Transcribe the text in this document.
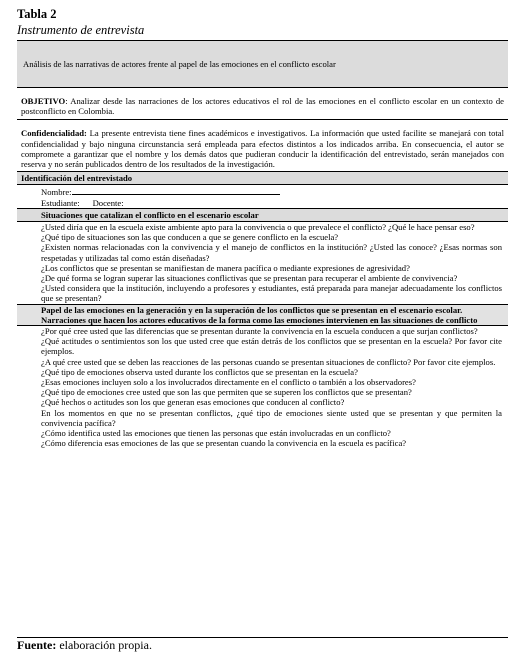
Tabla 2
Instrumento de entrevista
Análisis de las narrativas de actores frente al papel de las emociones en el conflicto escolar
OBJETIVO: Analizar desde las narraciones de los actores educativos el rol de las emociones en el conflicto escolar en un contexto de postconflicto en Colombia.
Confidencialidad: La presente entrevista tiene fines académicos e investigativos. La información que usted facilite se manejará con total confidencialidad y bajo ninguna circunstancia será empleada para efectos distintos a los indicados arriba. En consecuencia, el autor se compromete a garantizar que el nombre y los demás datos que pudieran conducir la identificación del entrevistado, serán manejados con reserva y no serán publicados dentro de los resultados de la investigación.
Identificación del entrevistado
Nombre:
Estudiante: Docente:
Situaciones que catalizan el conflicto en el escenario escolar

¿Usted diría que en la escuela existe ambiente apto para la convivencia o que prevalece el conflicto? ¿Qué le hace pensar eso?

¿Qué tipo de situaciones son las que conducen a que se genere conflicto en la escuela?

¿Existen normas relacionadas con la convivencia y el manejo de conflictos en la institución? ¿Usted las conoce? ¿Esas normas son respetadas y utilizadas tal como están diseñadas?

¿Los conflictos que se presentan se manifiestan de manera pacífica o mediante expresiones de agresividad?

¿De qué forma se logran superar las situaciones conflictivas que se presentan para recuperar el ambiente de convivencia?

¿Usted considera que la institución, incluyendo a profesores y estudiantes, está preparada para manejar adecuadamente los conflictos que se presentan?

Papel de las emociones en la generación y en la superación de los conflictos que se presentan en el escenario escolar.
Narraciones que hacen los actores educativos de la forma como las emociones intervienen en las situaciones de conflicto

¿Por qué cree usted que las diferencias que se presentan durante la convivencia en la escuela conducen a que surjan conflictos?

¿Qué actitudes o sentimientos son los que usted cree que están detrás de los conflictos que se presentan en la escuela? Por favor cite ejemplos.

¿A qué cree usted que se deben las reacciones de las personas cuando se presentan situaciones de conflicto? Por favor cite ejemplos.

¿Qué tipo de emociones observa usted durante los conflictos que se presentan en la escuela?

¿Esas emociones incluyen solo a los involucrados directamente en el conflicto o también a los observadores?

¿Qué tipo de emociones cree usted que son las que permiten que se superen los conflictos que se presentan?

¿Qué hechos o actitudes son los que generan esas emociones que conducen al conflicto?

En los momentos en que no se presentan conflictos, ¿qué tipo de emociones siente usted que se presentan y que permiten la convivencia pacífica?

¿Cómo identifica usted las emociones que tienen las personas que están involucradas en un conflicto?

¿Cómo diferencia esas emociones de las que se presentan cuando la convivencia en la escuela es pacífica?

Fuente: elaboración propia.
